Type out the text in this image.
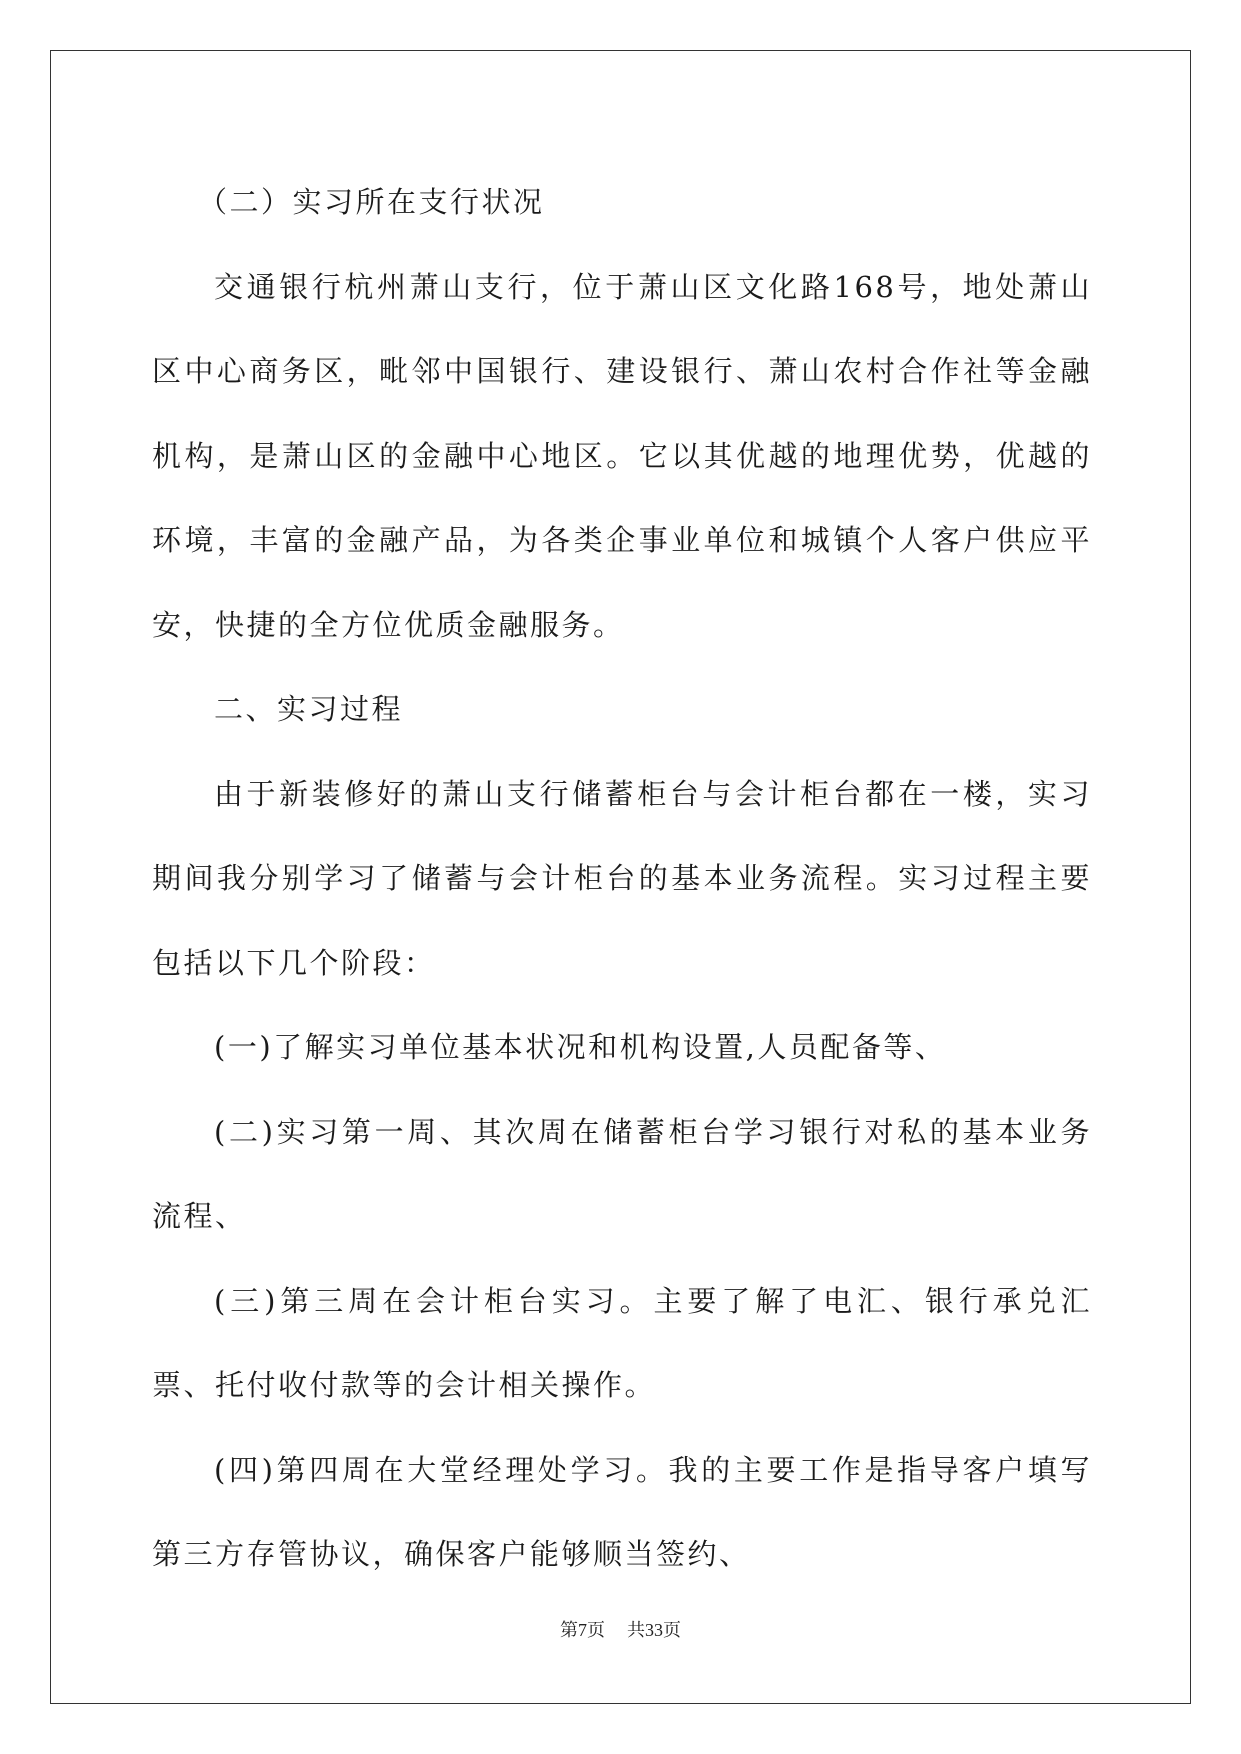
（二）实习所在支行状况

交通银行杭州萧山支行，位于萧山区文化路168号，地处萧山区中心商务区，毗邻中国银行、建设银行、萧山农村合作社等金融机构，是萧山区的金融中心地区。它以其优越的地理优势，优越的环境，丰富的金融产品，为各类企事业单位和城镇个人客户供应平安，快捷的全方位优质金融服务。

二、实习过程

由于新装修好的萧山支行储蓄柜台与会计柜台都在一楼，实习期间我分别学习了储蓄与会计柜台的基本业务流程。实习过程主要包括以下几个阶段：

(一)了解实习单位基本状况和机构设置,人员配备等、

(二)实习第一周、其次周在储蓄柜台学习银行对私的基本业务流程、

(三)第三周在会计柜台实习。主要了解了电汇、银行承兑汇票、托付收付款等的会计相关操作。

(四)第四周在大堂经理处学习。我的主要工作是指导客户填写第三方存管协议，确保客户能够顺当签约、

第7页 共33页
